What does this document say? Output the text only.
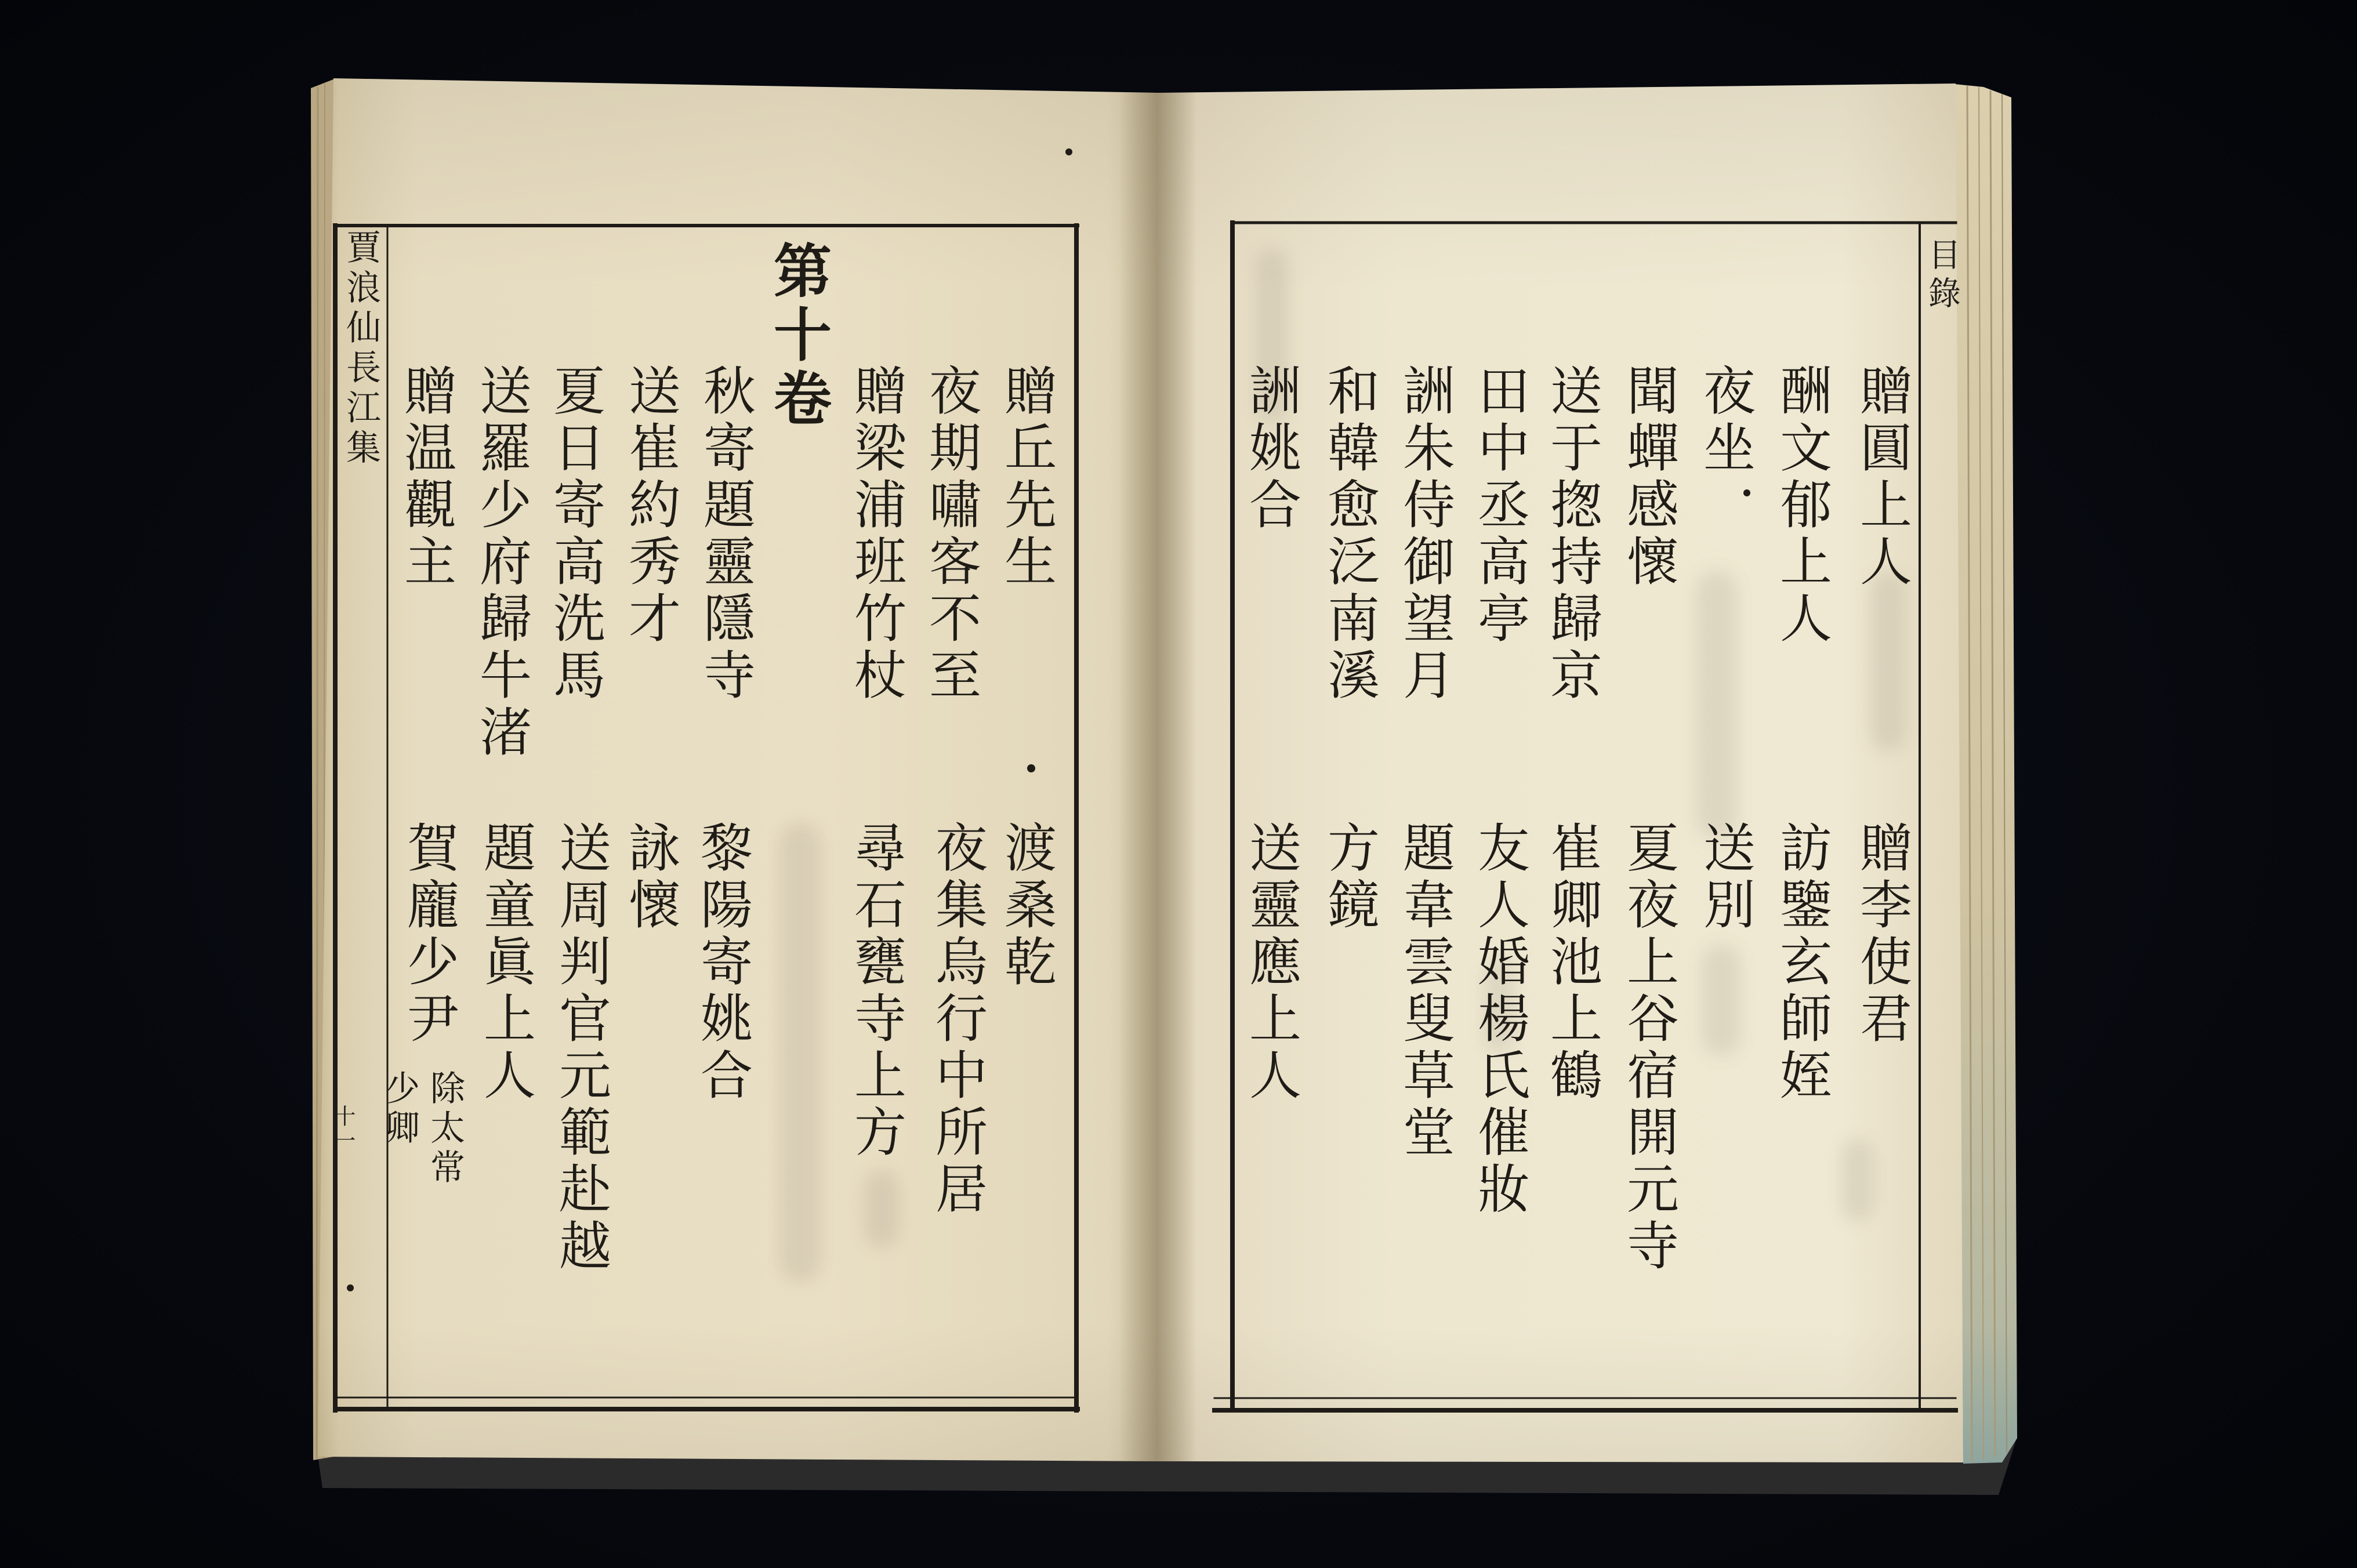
賈浪仙長江集
十一
贈丘先生
渡桑乾
夜期嘯客不至
夜集烏行中所居
贈梁浦班竹杖
尋石甕寺上方
第十卷
秋寄題靈隱寺
黎陽寄姚合
送崔約秀才
詠懷
夏日寄高洗馬
送周判官元範赴越
送羅少府歸牛渚
題童眞上人
贈温觀主
賀龐少尹
除太常
少卿
目錄
贈圓上人
贈李使君
酬文郁上人
訪鑒玄師姪
夜坐
送別
聞蟬感懷
夏夜上谷宿開元寺
送于揔持歸京
崔卿池上鶴
田中丞高亭
友人婚楊氏催妝
詶朱侍御望月
題韋雲叟草堂
和韓愈泛南溪
方鏡
詶姚合
送靈應上人
